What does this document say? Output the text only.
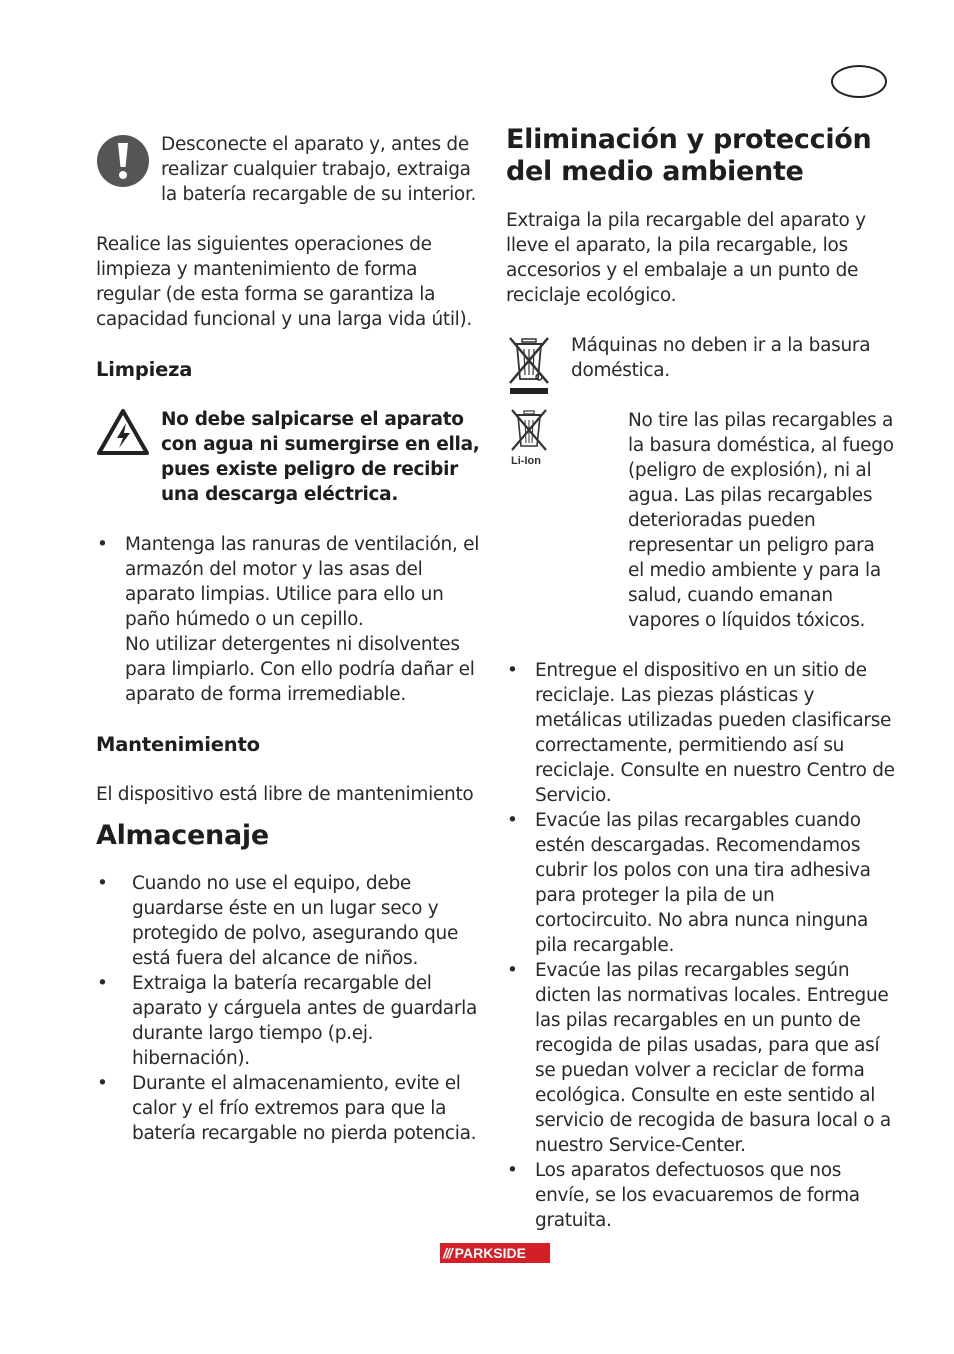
Desconecte el aparato y, antes de realizar cualquier trabajo, extraiga la batería recargable de su interior.

Realice las siguientes operaciones de limpieza y mantenimiento de forma regular (de esta forma se garantiza la capacidad funcional y una larga vida útil).

Limpieza

No debe salpicarse el aparato con agua ni sumergirse en ella, pues existe peligro de recibir una descarga eléctrica.

• Mantenga las ranuras de ventilación, el armazón del motor y las asas del aparato limpias. Utilice para ello un paño húmedo o un cepillo.
No utilizar detergentes ni disolventes para limpiarlo. Con ello podría dañar el aparato de forma irremediable.

Mantenimiento

El dispositivo está libre de mantenimiento

Almacenaje

• Cuando no use el equipo, debe guardarse éste en un lugar seco y protegido de polvo, asegurando que está fuera del alcance de niños.
• Extraiga la batería recargable del aparato y cárguela antes de guardarla durante largo tiempo (p.ej. hibernación).
• Durante el almacenamiento, evite el calor y el frío extremos para que la batería recargable no pierda potencia.

Eliminación y protección
del medio ambiente

Extraiga la pila recargable del aparato y lleve el aparato, la pila recargable, los accesorios y el embalaje a un punto de reciclaje ecológico.

Máquinas no deben ir a la basura doméstica.

Li-Ion

No tire las pilas recargables a la basura doméstica, al fuego (peligro de explosión), ni al agua. Las pilas recargables deterioradas pueden representar un peligro para el medio ambiente y para la salud, cuando emanan vapores o líquidos tóxicos.

• Entregue el dispositivo en un sitio de reciclaje. Las piezas plásticas y metálicas utilizadas pueden clasificarse correctamente, permitiendo así su reciclaje. Consulte en nuestro Centro de Servicio.
• Evacúe las pilas recargables cuando estén descargadas. Recomendamos cubrir los polos con una tira adhesiva para proteger la pila de un cortocircuito. No abra nunca ninguna pila recargable.
• Evacúe las pilas recargables según dicten las normativas locales. Entregue las pilas recargables en un punto de recogida de pilas usadas, para que así se puedan volver a reciclar de forma ecológica. Consulte en este sentido al servicio de recogida de basura local o a nuestro Service-Center.
• Los aparatos defectuosos que nos envíe, se los evacuaremos de forma gratuita.
/// PARKSIDE
